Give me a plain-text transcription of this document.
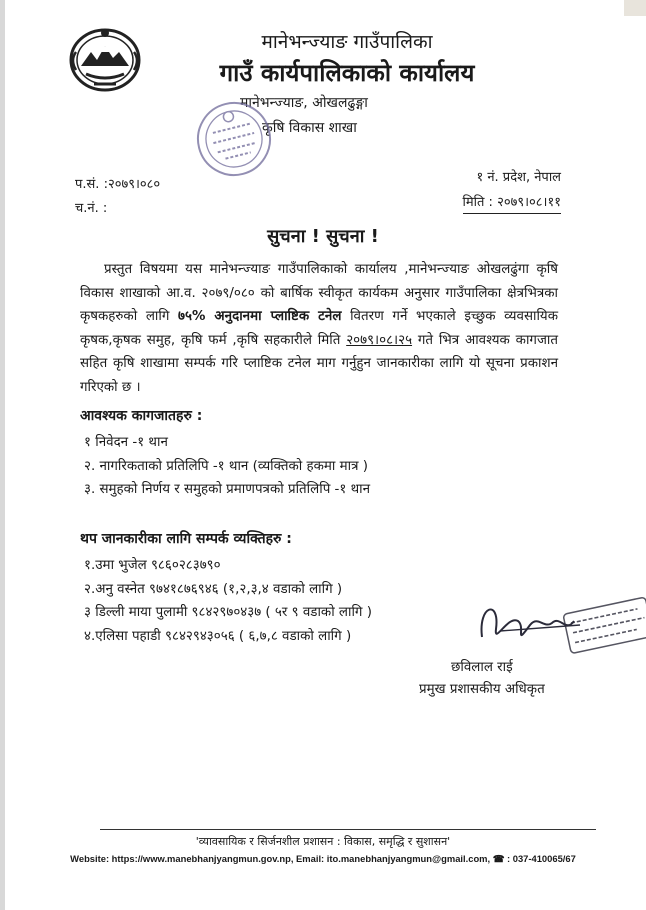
मानेभन्ज्याङ गाउँपालिका
गाउँ कार्यपालिकाको कार्यालय
मानेभन्ज्याङ, ओखलढुङ्गा
कृषि विकास शाखा
प.सं. :२०७९।०८०
च.नं. :
१ नं. प्रदेश, नेपाल
मिति : २०७९।०८।११
सुचना ! सुचना !
प्रस्तुत विषयमा यस मानेभन्ज्याङ गाउँपालिकाको कार्यालय ,मानेभन्ज्याङ ओखलढुंगा कृषि विकास शाखाको आ.व. २०७९/०८० को बार्षिक स्वीकृत कार्यकम अनुसार गाउँपालिका क्षेत्रभित्रका कृषकहरुको लागि ७५% अनुदानमा प्लाष्टिक टनेल वितरण गर्ने भएकाले इच्छुक व्यवसायिक कृषक,कृषक समुह, कृषि फर्म ,कृषि सहकारीले मिति २०७९।०८।२५ गते भित्र आवश्यक कागजात सहित कृषि शाखामा सम्पर्क गरि प्लाष्टिक टनेल माग गर्नुहुन जानकारीका लागि यो सूचना प्रकाशन गरिएको छ ।
आवश्यक कागजातहरु :
१ निवेदन -१ थान
२. नागरिकताको प्रतिलिपि -१ थान (व्यक्तिको हकमा मात्र )
३. समुहको निर्णय र समुहको प्रमाणपत्रको प्रतिलिपि -१ थान
थप जानकारीका लागि सम्पर्क व्यक्तिहरु :
१.उमा भुजेल ९८६०२८३७९०
२.अनु वस्नेत ९७४१८७६९४६ (१,२,३,४ वडाको लागि )
३ डिल्ली माया पुलामी ९८४२९७०४३७ ( ५र ९ वडाको लागि )
४.एलिसा पहाडी ९८४२९४३०५६ ( ६,७,८ वडाको लागि )
छविलाल राई
प्रमुख प्रशासकीय अधिकृत
'व्यावसायिक र सिर्जनशील प्रशासन : विकास, समृद्धि र सुशासन'
Website: https://www.manebhanjyangmun.gov.np, Email: ito.manebhanjyangmun@gmail.com, ☎ : 037-410065/67
